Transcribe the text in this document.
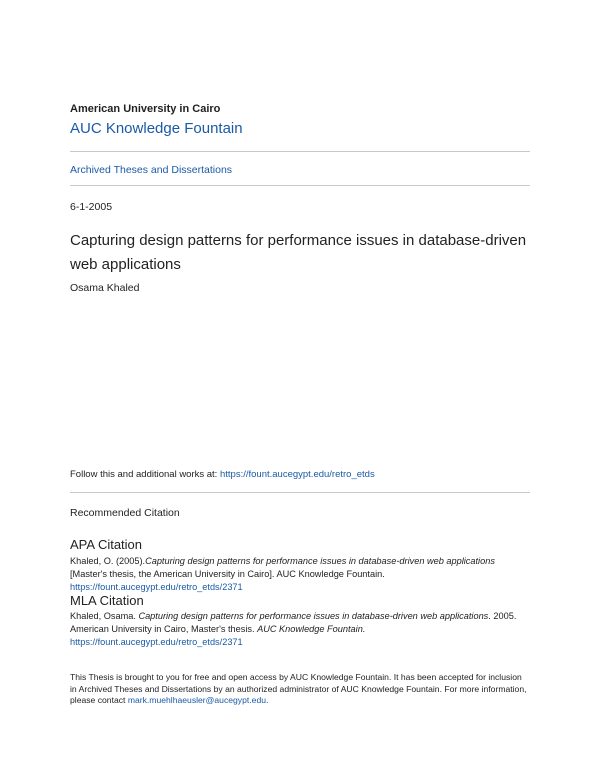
American University in Cairo
AUC Knowledge Fountain
Archived Theses and Dissertations
6-1-2005
Capturing design patterns for performance issues in database-driven web applications
Osama Khaled
Follow this and additional works at: https://fount.aucegypt.edu/retro_etds
Recommended Citation
APA Citation
Khaled, O. (2005).Capturing design patterns for performance issues in database-driven web applications [Master's thesis, the American University in Cairo]. AUC Knowledge Fountain.
https://fount.aucegypt.edu/retro_etds/2371
MLA Citation
Khaled, Osama. Capturing design patterns for performance issues in database-driven web applications. 2005. American University in Cairo, Master's thesis. AUC Knowledge Fountain.
https://fount.aucegypt.edu/retro_etds/2371
This Thesis is brought to you for free and open access by AUC Knowledge Fountain. It has been accepted for inclusion in Archived Theses and Dissertations by an authorized administrator of AUC Knowledge Fountain. For more information, please contact mark.muehlhaeusler@aucegypt.edu.
